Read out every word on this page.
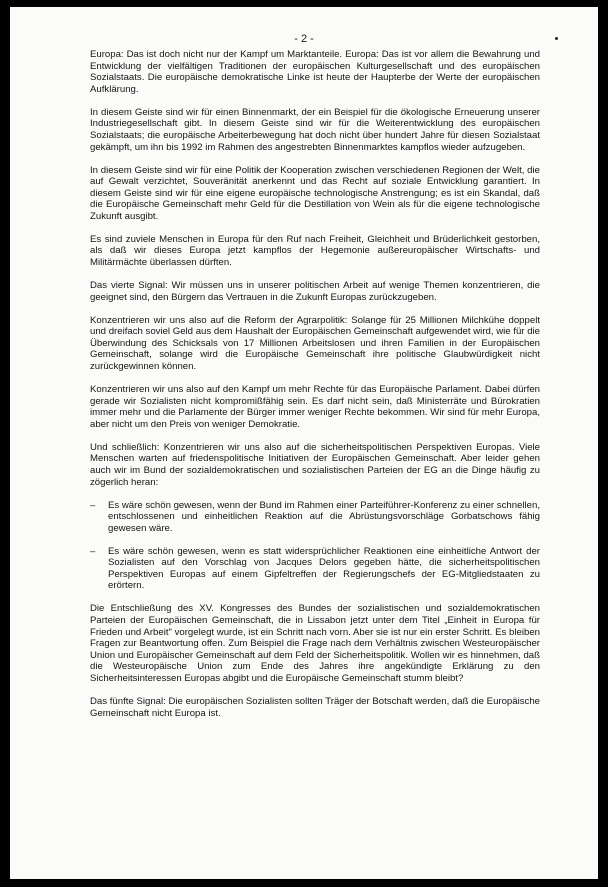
- 2 -

Europa: Das ist doch nicht nur der Kampf um Marktanteile. Europa: Das ist vor allem die Bewahrung und Entwicklung der vielfältigen Traditionen der europäischen Kulturgesellschaft und des europäischen Sozialstaats. Die europäische demokratische Linke ist heute der Haupterbe der Werte der europäischen Aufklärung.

In diesem Geiste sind wir für einen Binnenmarkt, der ein Beispiel für die ökologische Erneuerung unserer Industriegesellschaft gibt. In diesem Geiste sind wir für die Weiterentwicklung des europäischen Sozialstaats; die europäische Arbeiterbewegung hat doch nicht über hundert Jahre für diesen Sozialstaat gekämpft, um ihn bis 1992 im Rahmen des angestrebten Binnenmarktes kampflos wieder aufzugeben.

In diesem Geiste sind wir für eine Politik der Kooperation zwischen verschiedenen Regionen der Welt, die auf Gewalt verzichtet, Souveränität anerkennt und das Recht auf soziale Entwicklung garantiert. In diesem Geiste sind wir für eine eigene europäische technologische Anstrengung; es ist ein Skandal, daß die Europäische Gemeinschaft mehr Geld für die Destillation von Wein als für die eigene technologische Zukunft ausgibt.

Es sind zuviele Menschen in Europa für den Ruf nach Freiheit, Gleichheit und Brüderlichkeit gestorben, als daß wir dieses Europa jetzt kampflos der Hegemonie außereuropäischer Wirtschafts- und Militärmächte überlassen dürften.

Das vierte Signal: Wir müssen uns in unserer politischen Arbeit auf wenige Themen konzentrieren, die geeignet sind, den Bürgern das Vertrauen in die Zukunft Europas zurückzugeben.

Konzentrieren wir uns also auf die Reform der Agrarpolitik: Solange für 25 Millionen Milchkühe doppelt und dreifach soviel Geld aus dem Haushalt der Europäischen Gemeinschaft aufgewendet wird, wie für die Überwindung des Schicksals von 17 Millionen Arbeitslosen und ihren Familien in der Europäischen Gemeinschaft, solange wird die Europäische Gemeinschaft ihre politische Glaubwürdigkeit nicht zurückgewinnen können.

Konzentrieren wir uns also auf den Kampf um mehr Rechte für das Europäische Parlament. Dabei dürfen gerade wir Sozialisten nicht kompromißfähig sein. Es darf nicht sein, daß Ministerräte und Bürokratien immer mehr und die Parlamente der Bürger immer weniger Rechte bekommen. Wir sind für mehr Europa, aber nicht um den Preis von weniger Demokratie.

Und schließlich: Konzentrieren wir uns also auf die sicherheitspolitischen Perspektiven Europas. Viele Menschen warten auf friedenspolitische Initiativen der Europäischen Gemeinschaft. Aber leider gehen auch wir im Bund der sozialdemokratischen und sozialistischen Parteien der EG an die Dinge häufig zu zögerlich heran:

–	Es wäre schön gewesen, wenn der Bund im Rahmen einer Parteiführer-Konferenz zu einer schnellen, entschlossenen und einheitlichen Reaktion auf die Abrüstungsvorschläge Gorbatschows fähig gewesen wäre.
–	Es wäre schön gewesen, wenn es statt widersprüchlicher Reaktionen eine einheitliche Antwort der Sozialisten auf den Vorschlag von Jacques Delors gegeben hätte, die sicherheitspolitischen Perspektiven Europas auf einem Gipfeltreffen der Regierungschefs der EG-Mitgliedstaaten zu erörtern.

Die Entschließung des XV. Kongresses des Bundes der sozialistischen und sozialdemokratischen Parteien der Europäischen Gemeinschaft, die in Lissabon jetzt unter dem Titel „Einheit in Europa für Frieden und Arbeit" vorgelegt wurde, ist ein Schritt nach vorn. Aber sie ist nur ein erster Schritt. Es bleiben Fragen zur Beantwortung offen. Zum Beispiel die Frage nach dem Verhältnis zwischen Westeuropäischer Union und Europäischer Gemeinschaft auf dem Feld der Sicherheitspolitik. Wollen wir es hinnehmen, daß die Westeuropäische Union zum Ende des Jahres ihre angekündigte Erklärung zu den Sicherheitsinteressen Europas abgibt und die Europäische Gemeinschaft stumm bleibt?

Das fünfte Signal: Die europäischen Sozialisten sollten Träger der Botschaft werden, daß die Europäische Gemeinschaft nicht Europa ist.
